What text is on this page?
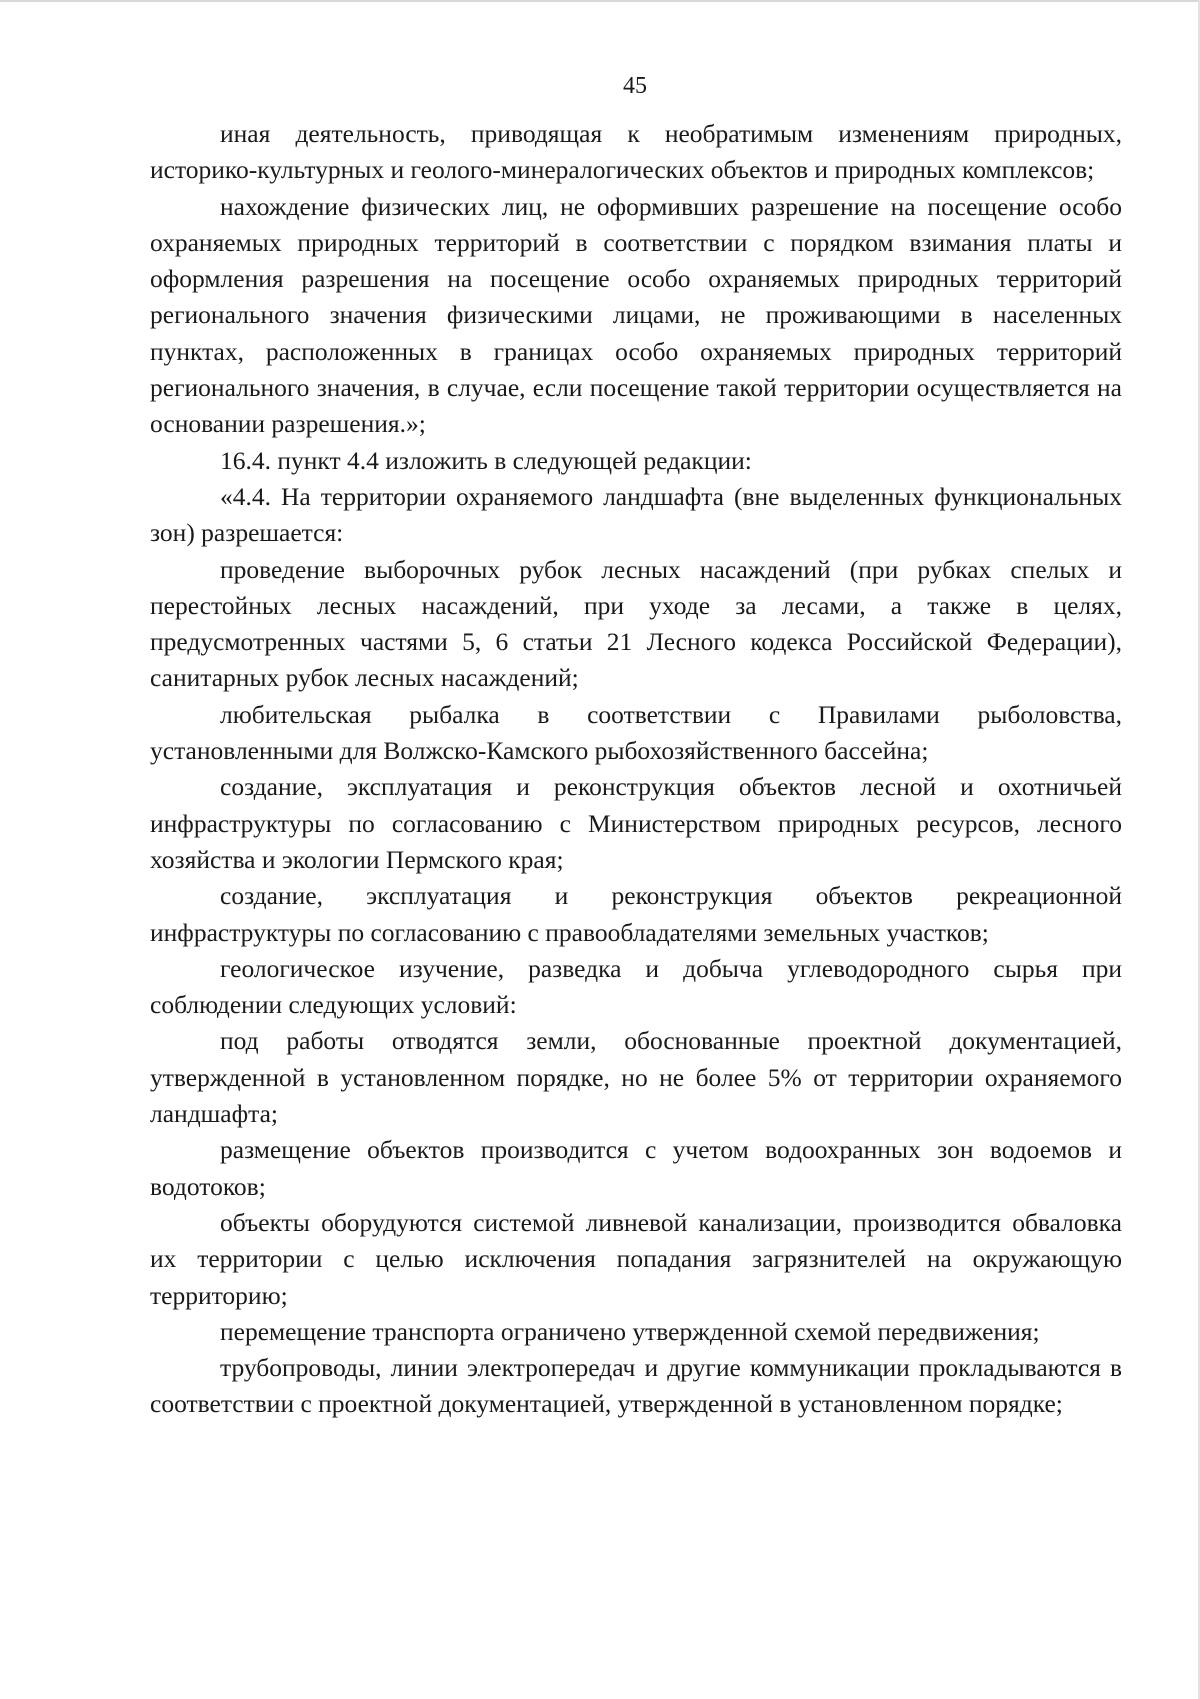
45

иная деятельность, приводящая к необратимым изменениям природных, историко-культурных и геолого-минералогических объектов и природных комплексов;

нахождение физических лиц, не оформивших разрешение на посещение особо охраняемых природных территорий в соответствии с порядком взимания платы и оформления разрешения на посещение особо охраняемых природных территорий регионального значения физическими лицами, не проживающими в населенных пунктах, расположенных в границах особо охраняемых природных территорий регионального значения, в случае, если посещение такой территории осуществляется на основании разрешения.»;

16.4. пункт 4.4 изложить в следующей редакции:

«4.4. На территории охраняемого ландшафта (вне выделенных функциональных зон) разрешается:

проведение выборочных рубок лесных насаждений (при рубках спелых и перестойных лесных насаждений, при уходе за лесами, а также в целях, предусмотренных частями 5, 6 статьи 21 Лесного кодекса Российской Федерации), санитарных рубок лесных насаждений;

любительская рыбалка в соответствии с Правилами рыболовства, установленными для Волжско-Камского рыбохозяйственного бассейна;

создание, эксплуатация и реконструкция объектов лесной и охотничьей инфраструктуры по согласованию с Министерством природных ресурсов, лесного хозяйства и экологии Пермского края;

создание, эксплуатация и реконструкция объектов рекреационной инфраструктуры по согласованию с правообладателями земельных участков;

геологическое изучение, разведка и добыча углеводородного сырья при соблюдении следующих условий:

под работы отводятся земли, обоснованные проектной документацией, утвержденной в установленном порядке, но не более 5% от территории охраняемого ландшафта;

размещение объектов производится с учетом водоохранных зон водоемов и водотоков;

объекты оборудуются системой ливневой канализации, производится обваловка их территории с целью исключения попадания загрязнителей на окружающую территорию;

перемещение транспорта ограничено утвержденной схемой передвижения;

трубопроводы, линии электропередач и другие коммуникации прокладываются в соответствии с проектной документацией, утвержденной в установленном порядке;
